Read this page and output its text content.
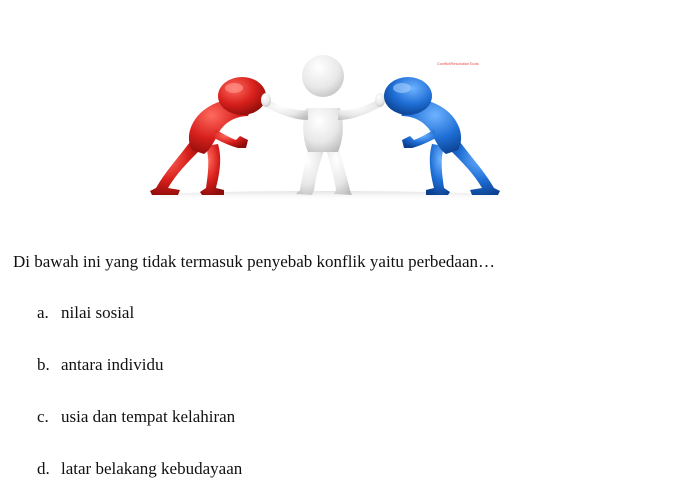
ConflictResolutionTools
Di bawah ini yang tidak termasuk penyebab konflik yaitu perbedaan…
a. nilai sosial
b. antara individu
c. usia dan tempat kelahiran
d. latar belakang kebudayaan
